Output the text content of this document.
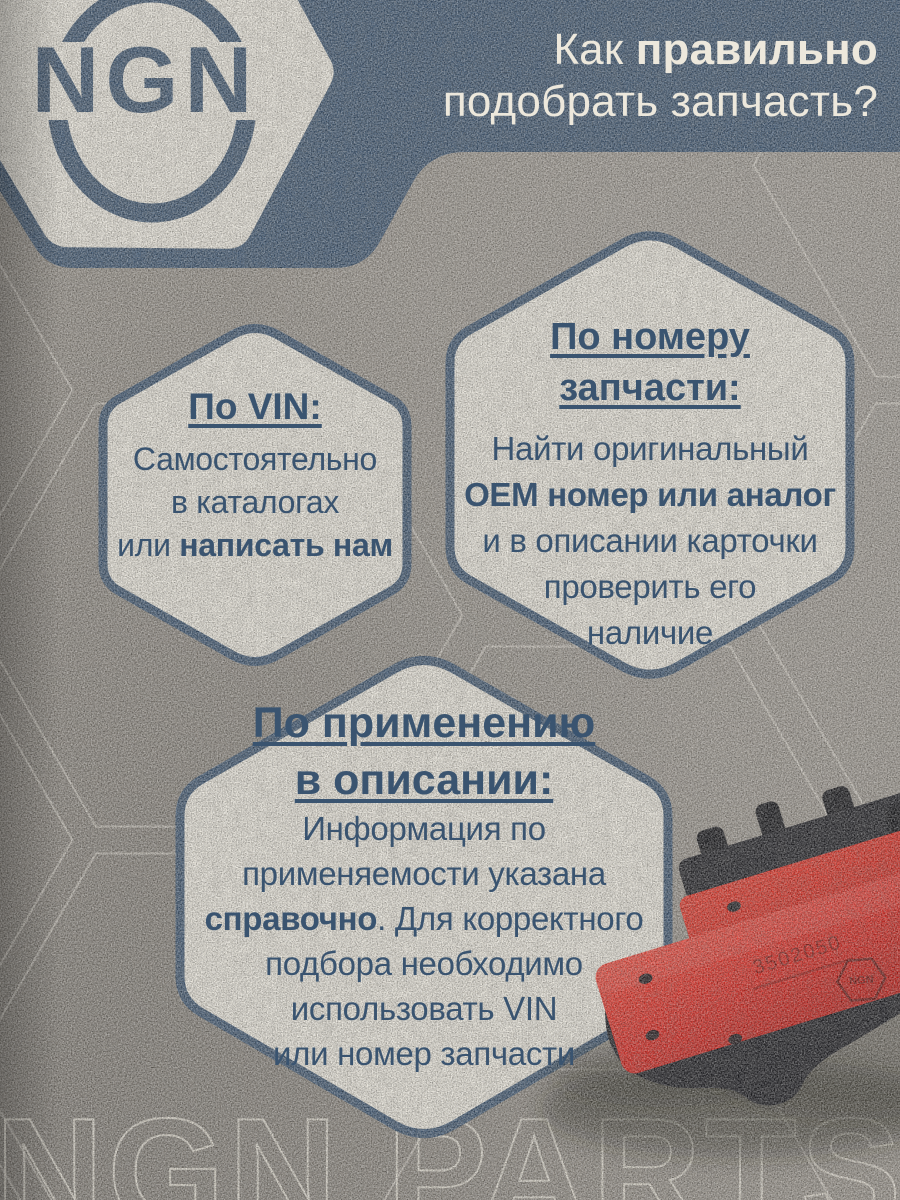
Как правильно
подобрать запчасть?
По VIN:
Самостоятельно
в каталогах
или написать нам
По номеру
запчасти:
Найти оригинальный
OEM номер или аналог
и в описании карточки
проверить его
наличие
По применению
в описании:
Информация по
применяемости указана
справочно. Для корректного
подбора необходимо
использовать VIN
или номер запчасти
